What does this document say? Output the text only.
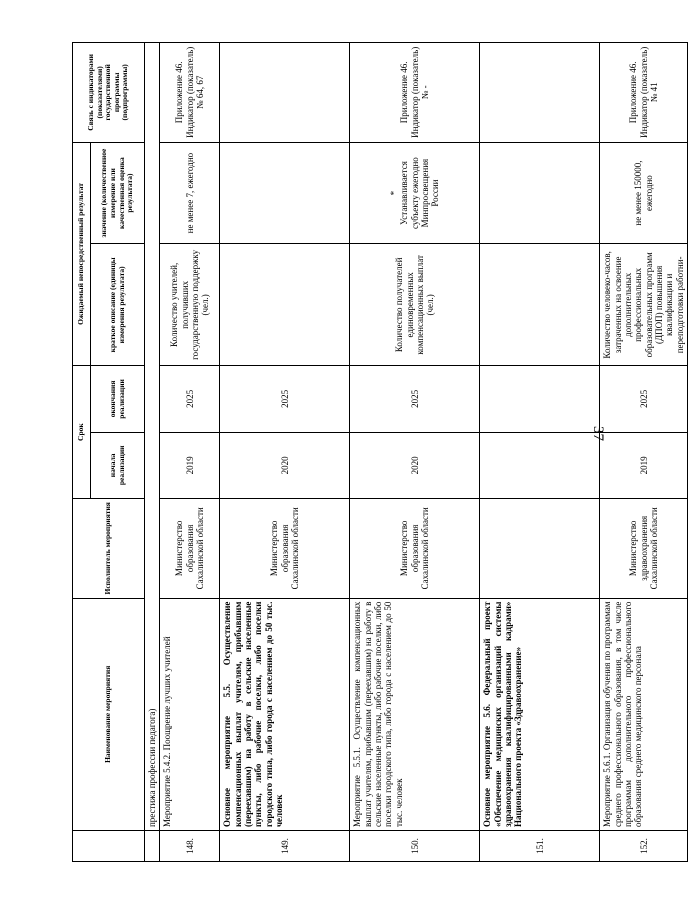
37
	Наименование мероприятия	Исполнитель мероприятия	Срок		Ожидаемый непосредственный результат		Связь с индикаторами (показателями) государственной программы (подпрограммы)
			начала реализации	окончания реализации	краткое описание (единицы измерения результата)	значение (количественное измерение или качественная оценка результата)	
	престижа профессии педагога)						
148.	Мероприятие 5.4.2. Поощрение лучших учителей	Министерство образования Сахалинской области	2019	2025	Количество учителей, получивших государственную поддержку (чел.)	не менее 7, ежегодно	Приложение 46. Индикатор (показатель) № 64, 67
149.	Основное мероприятие 5.5. Осуществление компенсационных выплат учителям, прибывшим (переехавшим) на работу в сельские населенные пункты, либо рабочие поселки, либо поселки городского типа, либо города с населением до 50 тыс. человек	Министерство образования Сахалинской области	2020	2025			
150.	Мероприятие 5.5.1. Осуществление компенсационных выплат учителям, прибывшим (переехавшим) на работу в сельские населенные пункты, либо рабочие поселки, либо поселки городского типа, либо города с населением до 50 тыс. человек	Министерство образования Сахалинской области	2020	2025	Количество получателей единовременных компенсационных выплат (чел.)	* Устанавливается субъекту ежегодно Минпросвещения России	Приложение 46. Индикатор (показатель) № -
151.	Основное мероприятие 5.6. Федеральный проект «Обеспечение медицинских организаций системы здравоохранения квалифицированными кадрами» Национального проекта «Здравоохранение»						
152.	Мероприятие 5.6.1. Организация обучения по программам среднего профессионального образования, в том числе программам дополнительного профессионального образования среднего медицинского персонала	Министерство здравоохранения Сахалинской области	2019	2025	Количество человеко-часов, затраченных на освоение дополнительных профессиональных образовательных программ (ДПОП) повышения квалификации и переподготовки работни-	не менее 150000, ежегодно	Приложение 46. Индикатор (показатель) № 41
